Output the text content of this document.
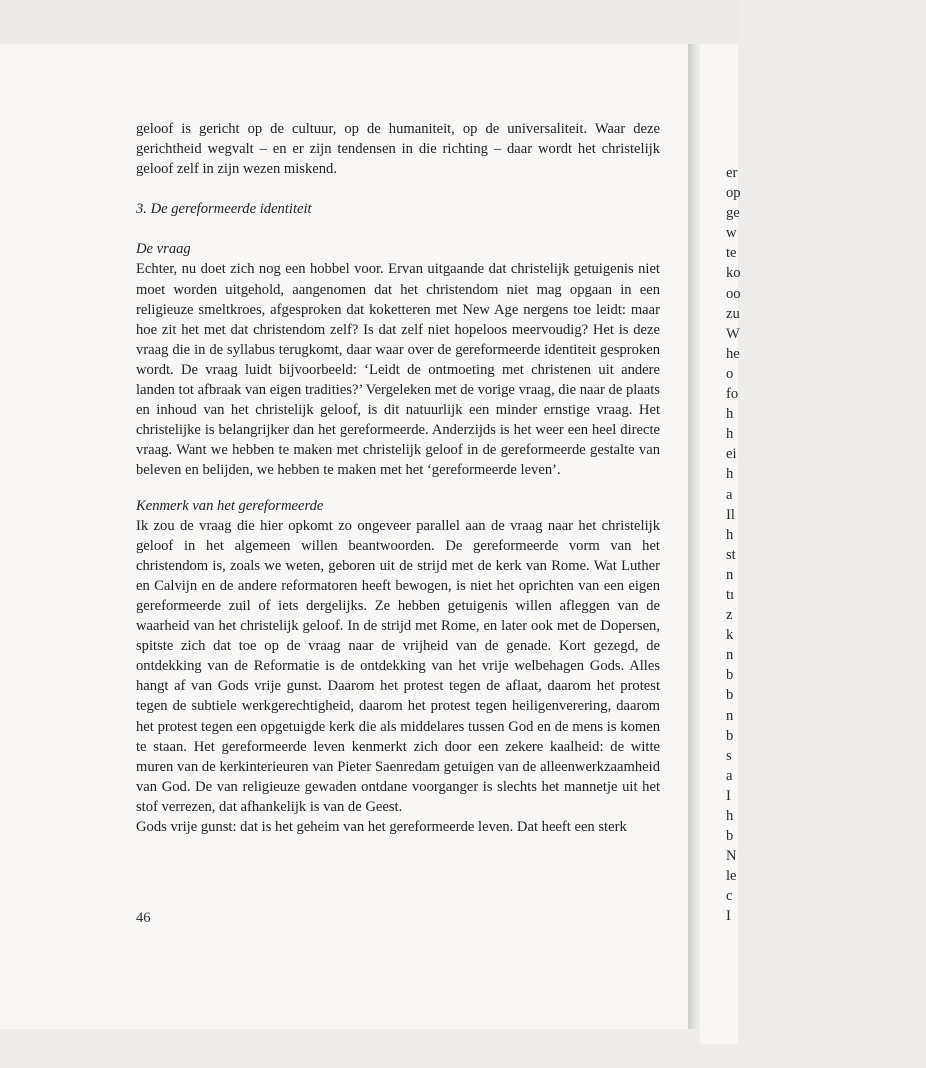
er
op
ge
w
te
ko
oo
zu
W
he
o
fo
h
h
ei
h
a
Il
h
st
n
tı
z
k
n
b
b
n
b
s
a
I
h
b
N
le
c
I

geloof is gericht op de cultuur, op de humaniteit, op de universaliteit. Waar deze gerichtheid wegvalt – en er zijn tendensen in die richting – daar wordt het christelijk geloof zelf in zijn wezen miskend.

3. De gereformeerde identiteit

De vraag

Echter, nu doet zich nog een hobbel voor. Ervan uitgaande dat christelijk getuigenis niet moet worden uitgehold, aangenomen dat het christendom niet mag opgaan in een religieuze smeltkroes, afgesproken dat koketteren met New Age nergens toe leidt: maar hoe zit het met dat christendom zelf? Is dat zelf niet hopeloos meervoudig? Het is deze vraag die in de syllabus terugkomt, daar waar over de gereformeerde identiteit gesproken wordt. De vraag luidt bijvoorbeeld: ‘Leidt de ontmoeting met christenen uit andere landen tot afbraak van eigen tradities?’ Vergeleken met de vorige vraag, die naar de plaats en inhoud van het christelijk geloof, is dit natuurlijk een minder ernstige vraag. Het christelijke is belangrijker dan het gereformeerde. Anderzijds is het weer een heel directe vraag. Want we hebben te maken met christelijk geloof in de gereformeerde gestalte van beleven en belijden, we hebben te maken met het ‘gereformeerde leven’.

Kenmerk van het gereformeerde

Ik zou de vraag die hier opkomt zo ongeveer parallel aan de vraag naar het christelijk geloof in het algemeen willen beantwoorden. De gereformeerde vorm van het christendom is, zoals we weten, geboren uit de strijd met de kerk van Rome. Wat Luther en Calvijn en de andere reformatoren heeft bewogen, is niet het oprichten van een eigen gereformeerde zuil of iets dergelijks. Ze hebben getuigenis willen afleggen van de waarheid van het christelijk geloof. In de strijd met Rome, en later ook met de Dopersen, spitste zich dat toe op de vraag naar de vrijheid van de genade. Kort gezegd, de ontdekking van de Reformatie is de ontdekking van het vrije welbehagen Gods. Alles hangt af van Gods vrije gunst. Daarom het protest tegen de aflaat, daarom het protest tegen de subtiele werkgerechtigheid, daarom het protest tegen heiligenverering, daarom het protest tegen een opgetuigde kerk die als middelares tussen God en de mens is komen te staan. Het gereformeerde leven kenmerkt zich door een zekere kaalheid: de witte muren van de kerkinterieuren van Pieter Saenredam getuigen van de alleenwerkzaamheid van God. De van religieuze gewaden ontdane voorganger is slechts het mannetje uit het stof verrezen, dat afhankelijk is van de Geest.

Gods vrije gunst: dat is het geheim van het gereformeerde leven. Dat heeft een sterk

46
